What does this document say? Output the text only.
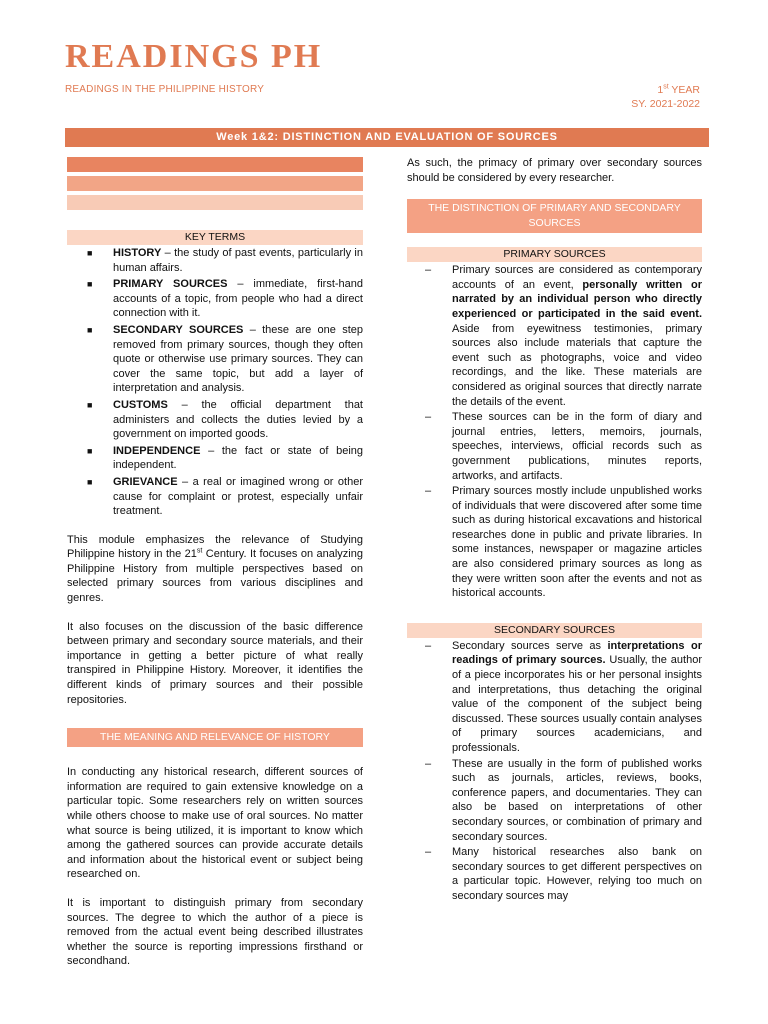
READINGS PH
READINGS IN THE PHILIPPINE HISTORY	1st YEAR
SY. 2021-2022
Week 1&2: DISTINCTION AND EVALUATION OF SOURCES
KEY TERMS
■ HISTORY – the study of past events, particularly in human affairs.
■ PRIMARY SOURCES – immediate, first-hand accounts of a topic, from people who had a direct connection with it.
■ SECONDARY SOURCES – these are one step removed from primary sources, though they often quote or otherwise use primary sources. They can cover the same topic, but add a layer of interpretation and analysis.
■ CUSTOMS – the official department that administers and collects the duties levied by a government on imported goods.
■ INDEPENDENCE – the fact or state of being independent.
■ GRIEVANCE – a real or imagined wrong or other cause for complaint or protest, especially unfair treatment.

This module emphasizes the relevance of Studying Philippine history in the 21st Century. It focuses on analyzing Philippine History from multiple perspectives based on selected primary sources from various disciplines and genres.

It also focuses on the discussion of the basic difference between primary and secondary source materials, and their importance in getting a better picture of what really transpired in Philippine History. Moreover, it identifies the different kinds of primary sources and their possible repositories.

THE MEANING AND RELEVANCE OF HISTORY

In conducting any historical research, different sources of information are required to gain extensive knowledge on a particular topic. Some researchers rely on written sources while others choose to make use of oral sources. No matter what source is being utilized, it is important to know which among the gathered sources can provide accurate details and information about the historical event or subject being researched on.

It is important to distinguish primary from secondary sources. The degree to which the author of a piece is removed from the actual event being described illustrates whether the source is reporting impressions firsthand or secondhand.

As such, the primacy of primary over secondary sources should be considered by every researcher.

THE DISTINCTION OF PRIMARY AND SECONDARY SOURCES
PRIMARY SOURCES
– Primary sources are considered as contemporary accounts of an event, personally written or narrated by an individual person who directly experienced or participated in the said event. Aside from eyewitness testimonies, primary sources also include materials that capture the event such as photographs, voice and video recordings, and the like. These materials are considered as original sources that directly narrate the details of the event.
– These sources can be in the form of diary and journal entries, letters, memoirs, journals, speeches, interviews, official records such as government publications, minutes reports, artworks, and artifacts.
– Primary sources mostly include unpublished works of individuals that were discovered after some time such as during historical excavations and historical researches done in public and private libraries. In some instances, newspaper or magazine articles are also considered primary sources as long as they were written soon after the events and not as historical accounts.
SECONDARY SOURCES
– Secondary sources serve as interpretations or readings of primary sources. Usually, the author of a piece incorporates his or her personal insights and interpretations, thus detaching the original value of the component of the subject being discussed. These sources usually contain analyses of primary sources academicians, and professionals.
– These are usually in the form of published works such as journals, articles, reviews, books, conference papers, and documentaries. They can also be based on interpretations of other secondary sources, or combination of primary and secondary sources.
– Many historical researches also bank on secondary sources to get different perspectives on a particular topic. However, relying too much on secondary sources may
